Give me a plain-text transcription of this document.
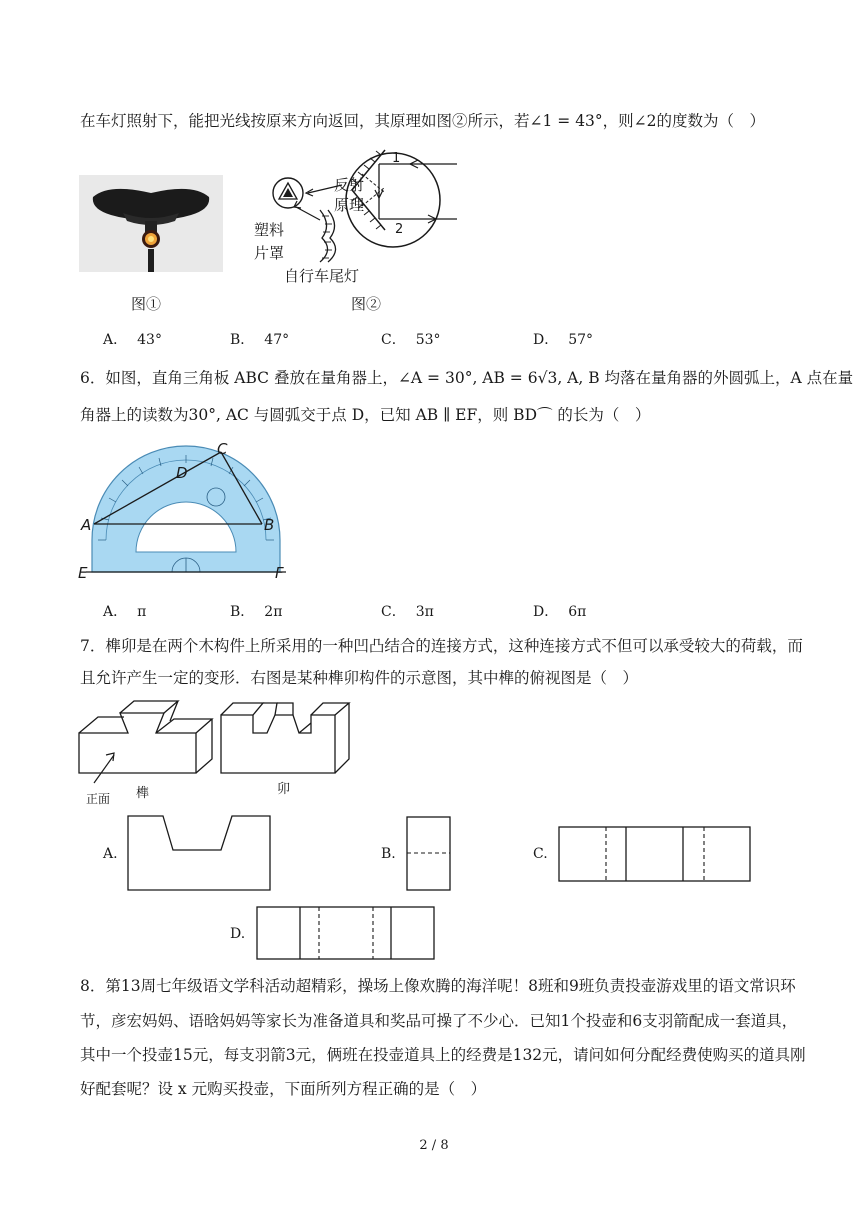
在车灯照射下，能把光线按原来方向返回，其原理如图②所示，若∠1 = 43°，则∠2的度数为（　）
图①
反射
原理
塑料
片罩
自行车尾灯
1
2
图②
A． 43°	B． 47°	C． 53°	D． 57°
6．如图，直角三角板 ABC 叠放在量角器上，∠A = 30°, AB = 6√3, A, B 均落在量角器的外圆弧上，A 点在量
角器上的读数为30°, AC 与圆弧交于点 D，已知 AB ∥ EF，则 BD⌒ 的长为（　）
A	B
C
D
E	F
A． π	B． 2π	C． 3π	D． 6π
7．榫卯是在两个木构件上所采用的一种凹凸结合的连接方式，这种连接方式不但可以承受较大的荷载，而
且允许产生一定的变形．右图是某种榫卯构件的示意图，其中榫的俯视图是（　）
正面 榫	卯
A.	B.	C.
D.
8．第13周七年级语文学科活动超精彩，操场上像欢腾的海洋呢！8班和9班负责投壶游戏里的语文常识环
节，彦宏妈妈、语晗妈妈等家长为准备道具和奖品可操了不少心．已知1个投壶和6支羽箭配成一套道具，
其中一个投壶15元，每支羽箭3元，俩班在投壶道具上的经费是132元，请问如何分配经费使购买的道具刚
好配套呢？设 x 元购买投壶，下面所列方程正确的是（　）
2 / 8
